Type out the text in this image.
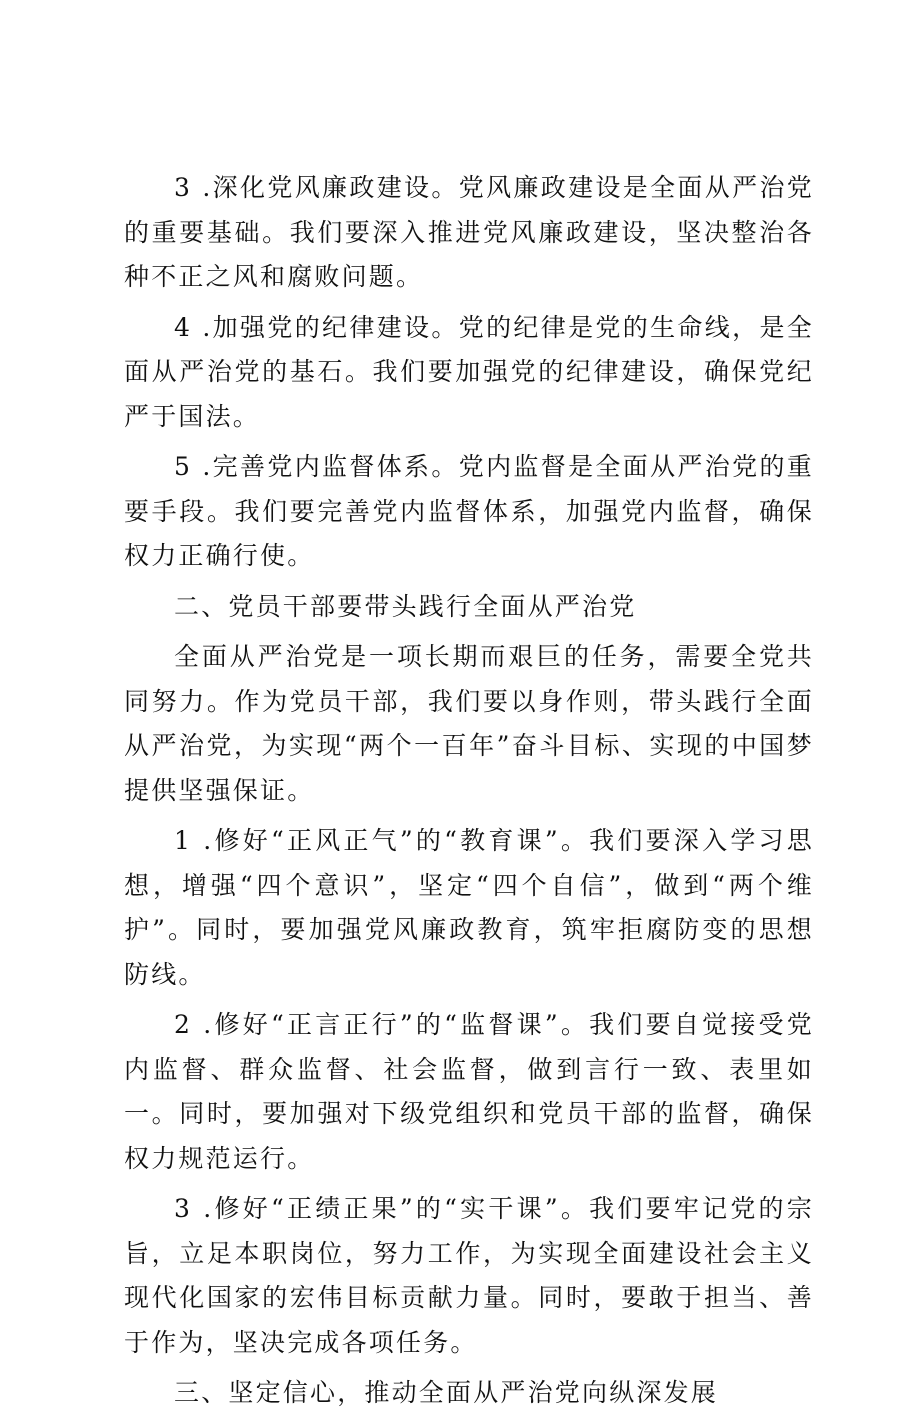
3 .深化党风廉政建设。党风廉政建设是全面从严治党的重要基础。我们要深入推进党风廉政建设，坚决整治各种不正之风和腐败问题。

4 .加强党的纪律建设。党的纪律是党的生命线，是全面从严治党的基石。我们要加强党的纪律建设，确保党纪严于国法。

5 .完善党内监督体系。党内监督是全面从严治党的重要手段。我们要完善党内监督体系，加强党内监督，确保权力正确行使。

二、党员干部要带头践行全面从严治党

全面从严治党是一项长期而艰巨的任务，需要全党共同努力。作为党员干部，我们要以身作则，带头践行全面从严治党，为实现“两个一百年”奋斗目标、实现的中国梦提供坚强保证。

1 .修好“正风正气”的“教育课”。我们要深入学习思想，增强“四个意识”，坚定“四个自信”，做到“两个维护”。同时，要加强党风廉政教育，筑牢拒腐防变的思想防线。

2 .修好“正言正行”的“监督课”。我们要自觉接受党内监督、群众监督、社会监督，做到言行一致、表里如一。同时，要加强对下级党组织和党员干部的监督，确保权力规范运行。

3 .修好“正绩正果”的“实干课”。我们要牢记党的宗旨，立足本职岗位，努力工作，为实现全面建设社会主义现代化国家的宏伟目标贡献力量。同时，要敢于担当、善于作为，坚决完成各项任务。

三、坚定信心，推动全面从严治党向纵深发展
